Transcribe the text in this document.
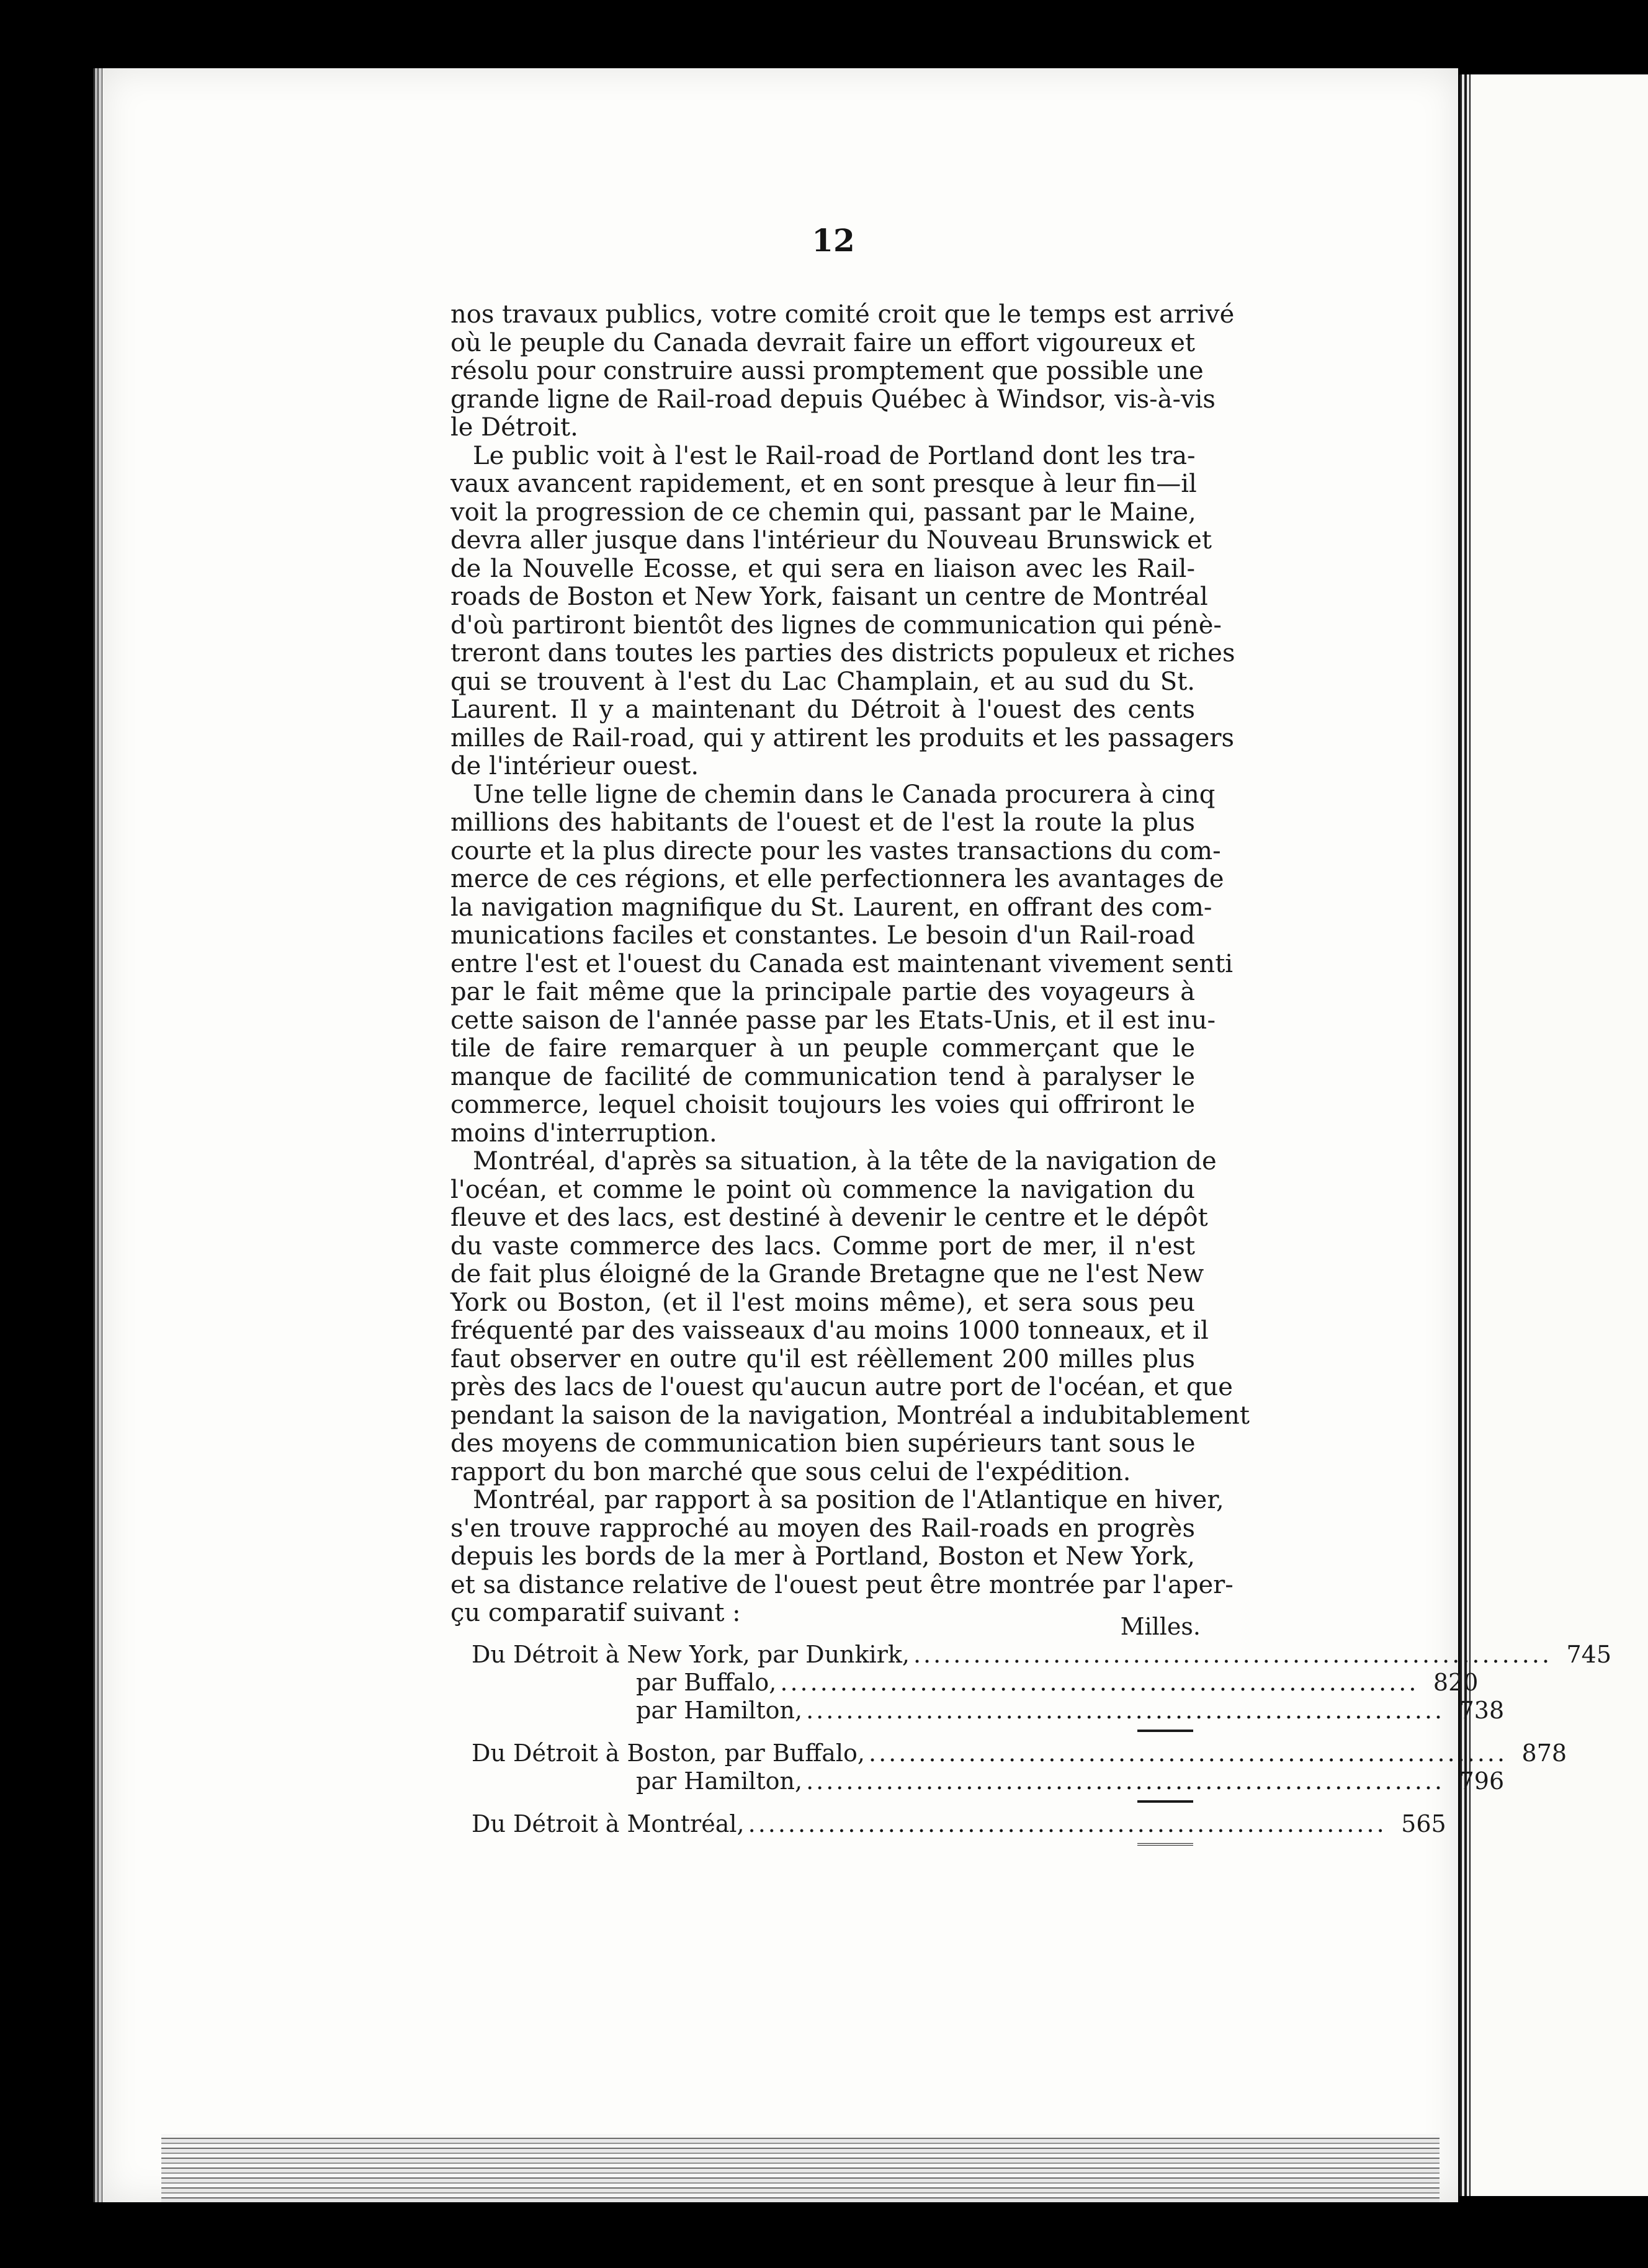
12

nos travaux publics, votre comité croit que le temps est arrivé
où le peuple du Canada devrait faire un effort vigoureux et
résolu pour construire aussi promptement que possible une
grande ligne de Rail-road depuis Québec à Windsor, vis-à-vis
le Détroit.

Le public voit à l'est le Rail-road de Portland dont les tra-
vaux avancent rapidement, et en sont presque à leur fin—il
voit la progression de ce chemin qui, passant par le Maine,
devra aller jusque dans l'intérieur du Nouveau Brunswick et
de la Nouvelle Ecosse, et qui sera en liaison avec les Rail-
roads de Boston et New York, faisant un centre de Montréal
d'où partiront bientôt des lignes de communication qui pénè-
treront dans toutes les parties des districts populeux et riches
qui se trouvent à l'est du Lac Champlain, et au sud du St.
Laurent. Il y a maintenant du Détroit à l'ouest des cents
milles de Rail-road, qui y attirent les produits et les passagers
de l'intérieur ouest.

Une telle ligne de chemin dans le Canada procurera à cinq
millions des habitants de l'ouest et de l'est la route la plus
courte et la plus directe pour les vastes transactions du com-
merce de ces régions, et elle perfectionnera les avantages de
la navigation magnifique du St. Laurent, en offrant des com-
munications faciles et constantes. Le besoin d'un Rail-road
entre l'est et l'ouest du Canada est maintenant vivement senti
par le fait même que la principale partie des voyageurs à
cette saison de l'année passe par les Etats-Unis, et il est inu-
tile de faire remarquer à un peuple commerçant que le
manque de facilité de communication tend à paralyser le
commerce, lequel choisit toujours les voies qui offriront le
moins d'interruption.

Montréal, d'après sa situation, à la tête de la navigation de
l'océan, et comme le point où commence la navigation du
fleuve et des lacs, est destiné à devenir le centre et le dépôt
du vaste commerce des lacs. Comme port de mer, il n'est
de fait plus éloigné de la Grande Bretagne que ne l'est New
York ou Boston, (et il l'est moins même), et sera sous peu
fréquenté par des vaisseaux d'au moins 1000 tonneaux, et il
faut observer en outre qu'il est réèllement 200 milles plus
près des lacs de l'ouest qu'aucun autre port de l'océan, et que
pendant la saison de la navigation, Montréal a indubitablement
des moyens de communication bien supérieurs tant sous le
rapport du bon marché que sous celui de l'expédition.

Montréal, par rapport à sa position de l'Atlantique en hiver,
s'en trouve rapproché au moyen des Rail-roads en progrès
depuis les bords de la mer à Portland, Boston et New York,
et sa distance relative de l'ouest peut être montrée par l'aper-
çu comparatif suivant :	Milles.
Du Détroit à New York, par Dunkirk, ................................................................ 745
par Buffalo, ................................................................ 820
par Hamilton, ................................................................ 738
Du Détroit à Boston, par Buffalo, ................................................................ 878
par Hamilton, ................................................................ 796
Du Détroit à Montréal, ................................................................ 565
